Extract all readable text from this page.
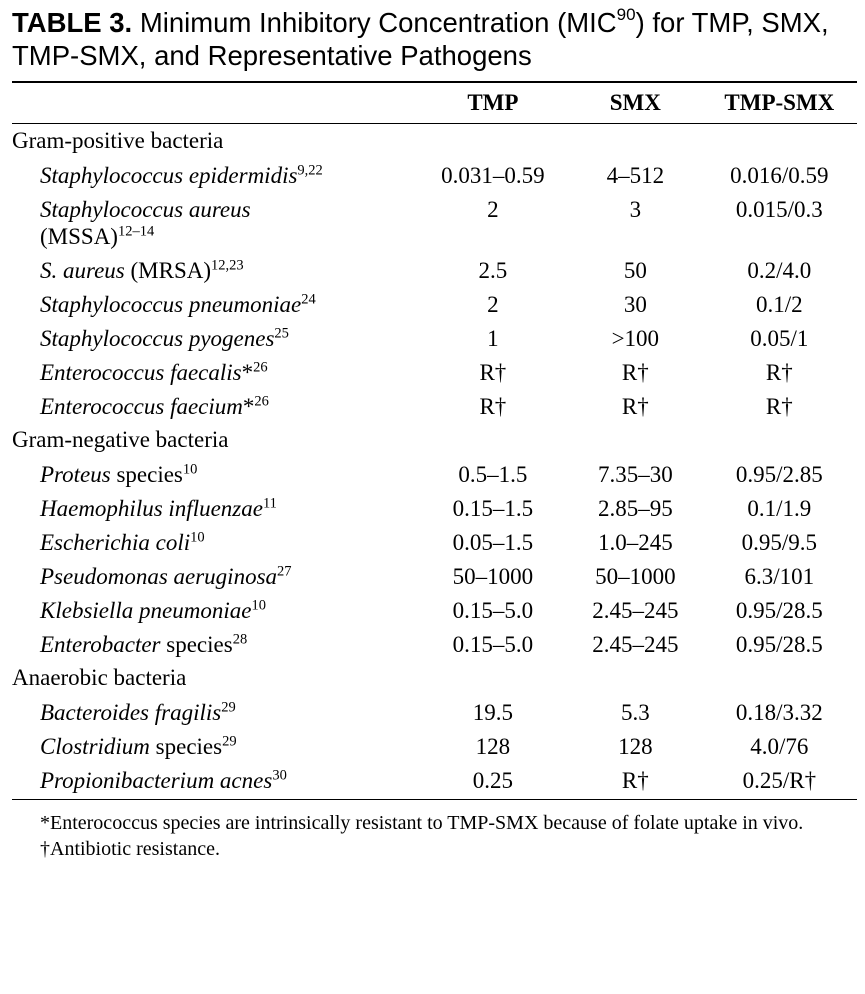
TABLE 3. Minimum Inhibitory Concentration (MIC$^{90}$) for TMP, SMX, TMP-SMX, and Representative Pathogens
	TMP	SMX	TMP-SMX
Gram-positive bacteria			
Staphylococcus epidermidis$^{9,22}$	0.031–0.59	4–512	0.016/0.59
Staphylococcus aureus
(MSSA)$^{12-14}$	2	3	0.015/0.3
S. aureus (MRSA)$^{12,23}$	2.5	50	0.2/4.0
Staphylococcus pneumoniae$^{24}$	2	30	0.1/2
Staphylococcus pyogenes$^{25}$	1	>100	0.05/1
Enterococcus faecalis*$^{26}$	R†	R†	R†
Enterococcus faecium*$^{26}$	R†	R†	R†
Gram-negative bacteria			
Proteus species$^{10}$	0.5–1.5	7.35–30	0.95/2.85
Haemophilus influenzae$^{11}$	0.15–1.5	2.85–95	0.1/1.9
Escherichia coli$^{10}$	0.05–1.5	1.0–245	0.95/9.5
Pseudomonas aeruginosa$^{27}$	50–1000	50–1000	6.3/101
Klebsiella pneumoniae$^{10}$	0.15–5.0	2.45–245	0.95/28.5
Enterobacter species$^{28}$	0.15–5.0	2.45–245	0.95/28.5
Anaerobic bacteria			
Bacteroides fragilis$^{29}$	19.5	5.3	0.18/3.32
Clostridium species$^{29}$	128	128	4.0/76
Propionibacterium acnes$^{30}$	0.25	R†	0.25/R†

*Enterococcus species are intrinsically resistant to TMP-SMX because of folate uptake in vivo.

†Antibiotic resistance.
